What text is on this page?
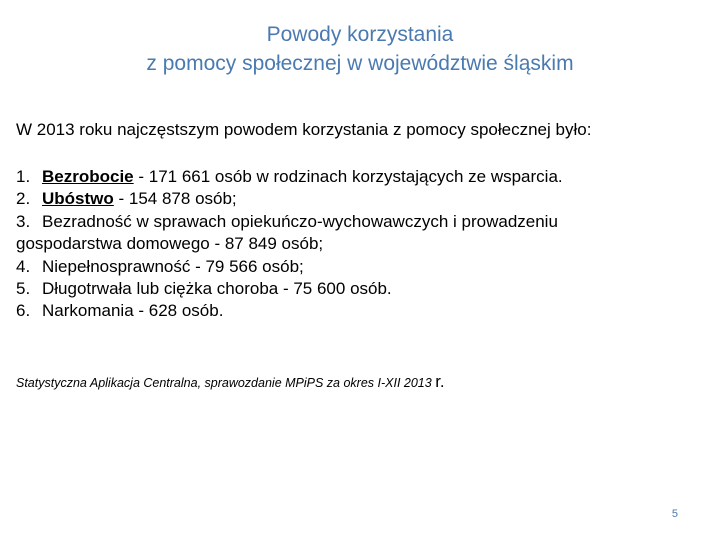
Powody korzystania
z pomocy społecznej w województwie śląskim
W 2013 roku najczęstszym powodem korzystania z pomocy społecznej było:
1. Bezrobocie - 171 661 osób w rodzinach korzystających ze wsparcia.
2. Ubóstwo - 154 878 osób;
3. Bezradność w sprawach opiekuńczo-wychowawczych i prowadzeniu
gospodarstwa domowego - 87 849 osób;
4. Niepełnosprawność - 79 566 osób;
5. Długotrwała lub ciężka choroba - 75 600 osób.
6. Narkomania - 628 osób.
Statystyczna Aplikacja Centralna, sprawozdanie MPiPS za okres I-XII 2013 r.
5
